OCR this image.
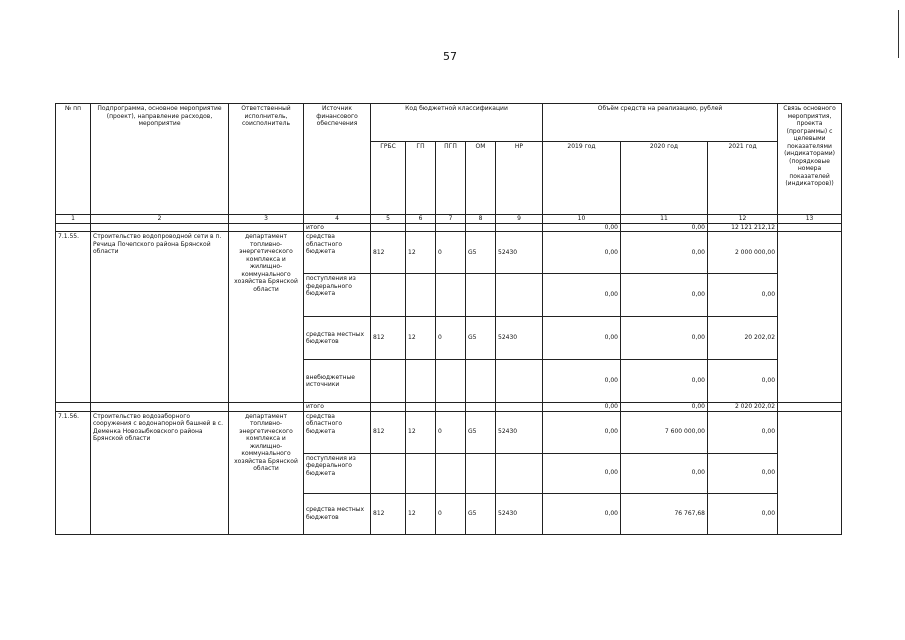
57
№ пп	Подпрограмма, основное мероприятие (проект), направление расходов, мероприятие	Ответственный исполнитель, соисполнитель	Источник финансового обеспечения	Код бюджетной классификации					Объём средств на реализацию, рублей			Связь основного мероприятия, проекта (программы) с целевыми показателями (индикаторами) (порядковые номера показателей (индикаторов))
				ГРБС	ГП	ПГП	ОМ	НР	2019 год	2020 год	2021 год	
1	2	3	4	5	6	7	8	9	10	11	12	13
			итого						0,00	0,00	12 121 212,12	
7.1.55.	Строительство водопроводной сети в п. Речица Почепского района Брянской области	департамент топливно-энергетического комплекса и жилищно-коммунального хозяйства Брянской области	средства областного бюджета	812	12	0	G5	52430	0,00	0,00	2 000 000,00	
			поступления из федерального бюджета						0,00	0,00	0,00	
			средства местных бюджетов	812	12	0	G5	52430	0,00	0,00	20 202,02	
			внебюджетные источники						0,00	0,00	0,00	
			итого						0,00	0,00	2 020 202,02	
7.1.56.	Строительство водозаборного сооружения с водонапорной башней в с. Деменка Новозыбковского района Брянской области	департамент топливно-энергетического комплекса и жилищно-коммунального хозяйства Брянской области	средства областного бюджета	812	12	0	G5	52430	0,00	7 600 000,00	0,00	
			поступления из федерального бюджета						0,00	0,00	0,00	
			средства местных бюджетов	812	12	0	G5	52430	0,00	76 767,68	0,00	
